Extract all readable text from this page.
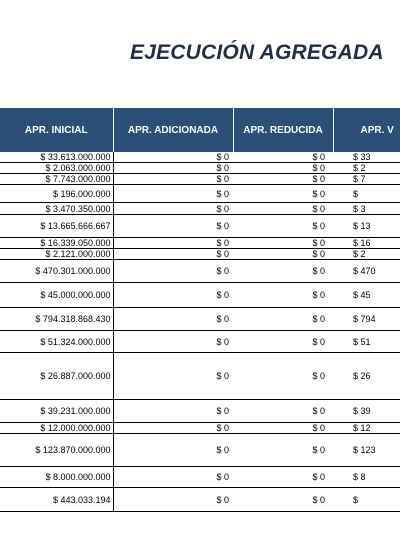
EJECUCIÓN AGREGADA
APR. INICIAL	APR. ADICIONADA	APR. REDUCIDA	APR. V
$ 33.613.000.000	$ 0	$ 0	$ 33
$ 2.063.000.000	$ 0	$ 0	$ 2
$ 7.743.000.000	$ 0	$ 0	$ 7
$ 196.000.000	$ 0	$ 0	$
$ 3.470.350.000	$ 0	$ 0	$ 3
$ 13.665.666.667	$ 0	$ 0	$ 13
$ 16.339.050.000	$ 0	$ 0	$ 16
$ 2.121.000.000	$ 0	$ 0	$ 2
$ 470.301.000.000	$ 0	$ 0	$ 470
$ 45.000.000.000	$ 0	$ 0	$ 45
$ 794.318.868.430	$ 0	$ 0	$ 794
$ 51.324.000.000	$ 0	$ 0	$ 51
$ 26.887.000.000	$ 0	$ 0	$ 26
$ 39.231.000.000	$ 0	$ 0	$ 39
$ 12.000.000.000	$ 0	$ 0	$ 12
$ 123.870.000.000	$ 0	$ 0	$ 123
$ 8.000.000.000	$ 0	$ 0	$ 8
$ 443.033.194	$ 0	$ 0	$
